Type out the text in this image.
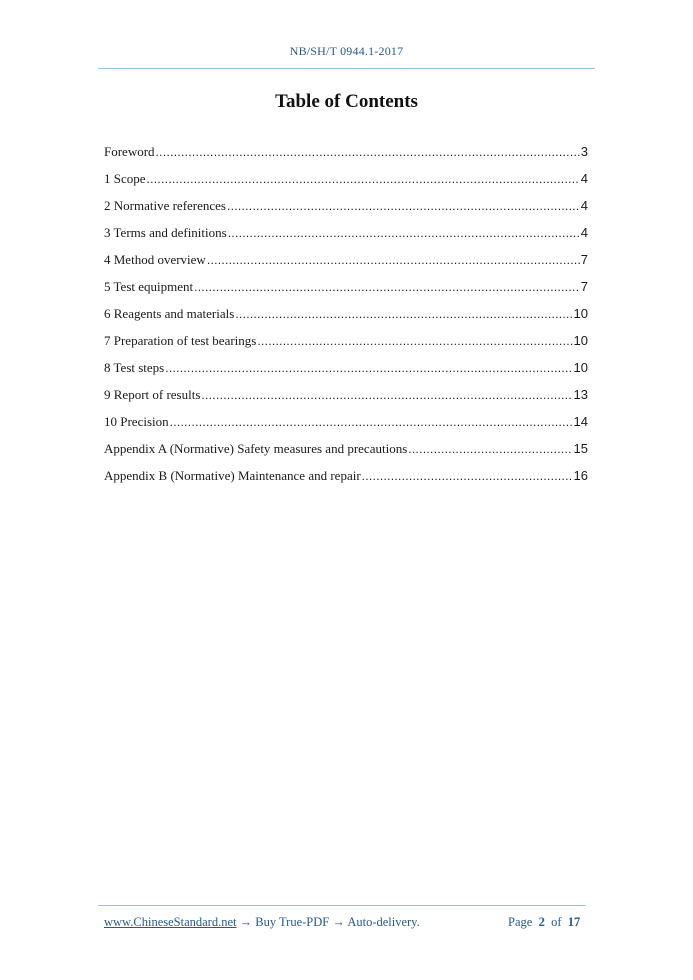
NB/SH/T 0944.1-2017
Table of Contents
Foreword .....	3
1 Scope .....	4
2 Normative references .....	4
3 Terms and definitions .....	4
4 Method overview .....	7
5 Test equipment .....	7
6 Reagents and materials .....	10
7 Preparation of test bearings .....	10
8 Test steps .....	10
9 Report of results .....	13
10 Precision .....	14
Appendix A (Normative) Safety measures and precautions .....	15
Appendix B (Normative) Maintenance and repair .....	16
www.ChineseStandard.net → Buy True-PDF → Auto-delivery.	Page 2 of 17
